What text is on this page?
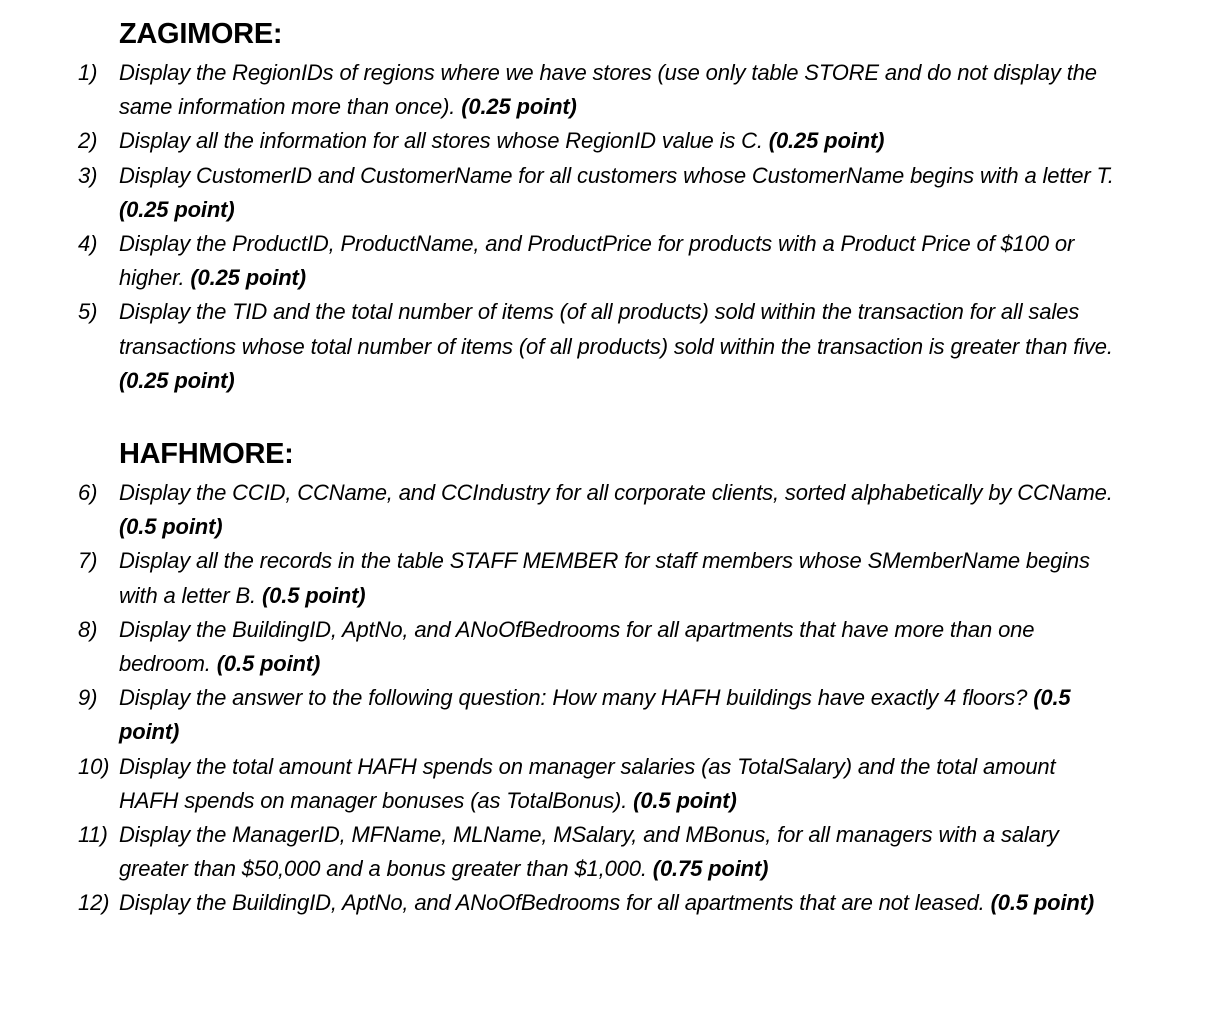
ZAGIMORE:
1) Display the RegionIDs of regions where we have stores (use only table STORE and do not display the same information more than once). (0.25 point)
2) Display all the information for all stores whose RegionID value is C. (0.25 point)
3) Display CustomerID and CustomerName for all customers whose CustomerName begins with a letter T. (0.25 point)
4) Display the ProductID, ProductName, and ProductPrice for products with a Product Price of $100 or higher. (0.25 point)
5) Display the TID and the total number of items (of all products) sold within the transaction for all sales transactions whose total number of items (of all products) sold within the transaction is greater than five. (0.25 point)
HAFHMORE:
6) Display the CCID, CCName, and CCIndustry for all corporate clients, sorted alphabetically by CCName. (0.5 point)
7) Display all the records in the table STAFF MEMBER for staff members whose SMemberName begins with a letter B. (0.5 point)
8) Display the BuildingID, AptNo, and ANoOfBedrooms for all apartments that have more than one bedroom. (0.5 point)
9) Display the answer to the following question: How many HAFH buildings have exactly 4 floors? (0.5 point)
10) Display the total amount HAFH spends on manager salaries (as TotalSalary) and the total amount HAFH spends on manager bonuses (as TotalBonus). (0.5 point)
11) Display the ManagerID, MFName, MLName, MSalary, and MBonus, for all managers with a salary greater than $50,000 and a bonus greater than $1,000. (0.75 point)
12) Display the BuildingID, AptNo, and ANoOfBedrooms for all apartments that are not leased. (0.5 point)
